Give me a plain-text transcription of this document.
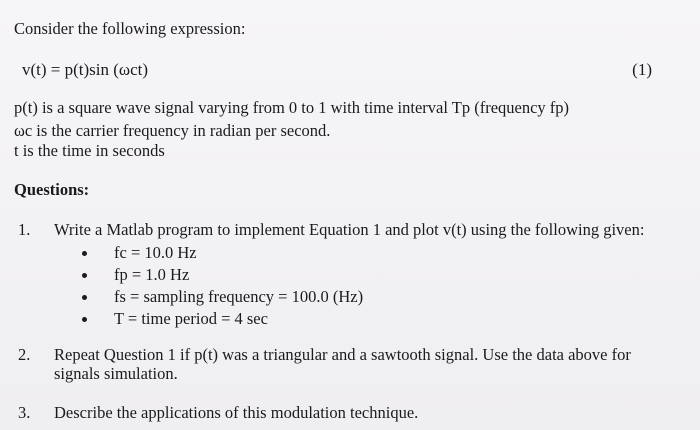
Consider the following expression:
v(t) = p(t)sin (ωct)	(1)
p(t) is a square wave signal varying from 0 to 1 with time interval Tp (frequency fp)
ωc is the carrier frequency in radian per second.
t is the time in seconds
Questions:
1. Write a Matlab program to implement Equation 1 and plot v(t) using the following given:
fc = 10.0 Hz
fp = 1.0 Hz
fs = sampling frequency = 100.0 (Hz)
T = time period = 4 sec
2. Repeat Question 1 if p(t) was a triangular and a sawtooth signal. Use the data above for
signals simulation.
3. Describe the applications of this modulation technique.
